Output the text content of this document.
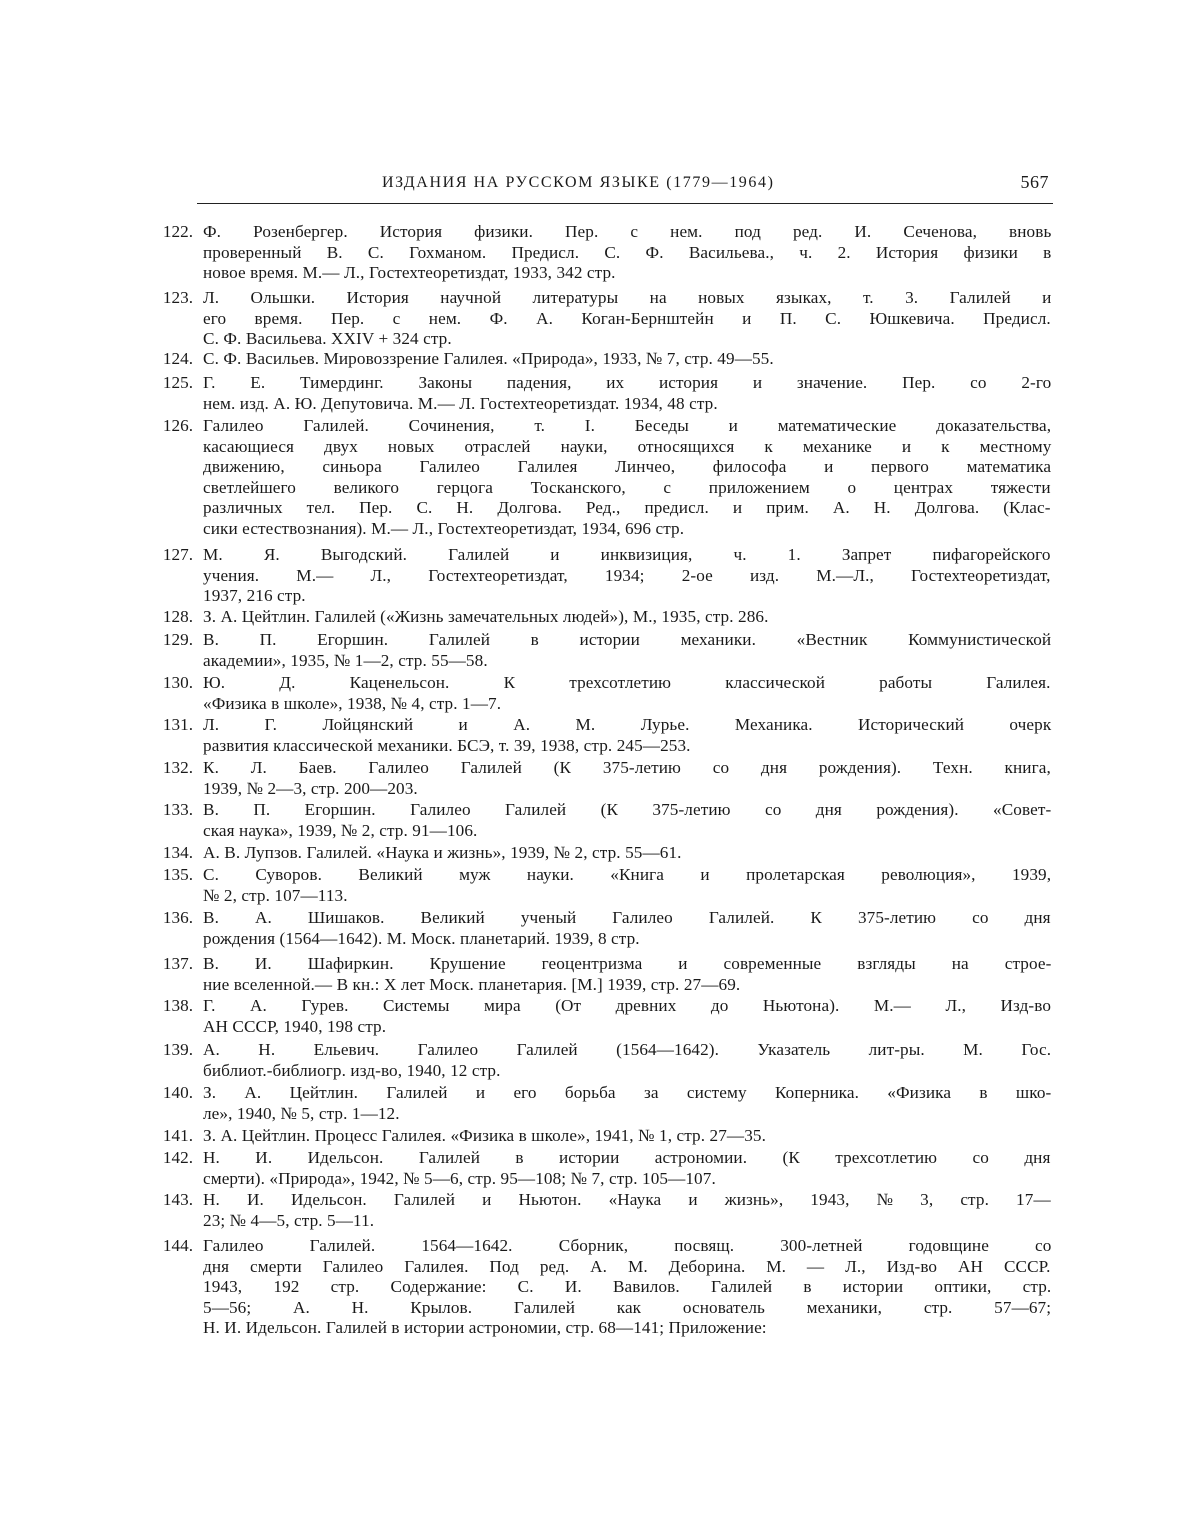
ИЗДАНИЯ НА РУССКОМ ЯЗЫКЕ (1779—1964)	567
122. Ф. Розенбергер. История физики. Пер. с нем. под ред. И. Сеченова, вновь
проверенный В. С. Гохманом. Предисл. С. Ф. Васильева., ч. 2. История физики в
новое время. М.— Л., Гостехтеоретиздат, 1933, 342 стр.
123. Л. Ольшки. История научной литературы на новых языках, т. 3. Галилей и
его время. Пер. с нем. Ф. А. Коган-Бернштейн и П. С. Юшкевича. Предисл.
С. Ф. Васильева. XXIV + 324 стр.
124. С. Ф. Васильев. Мировоззрение Галилея. «Природа», 1933, № 7, стр. 49—55.
125. Г. Е. Тимердинг. Законы падения, их история и значение. Пер. со 2-го
нем. изд. А. Ю. Депутовича. М.— Л. Гостехтеоретиздат. 1934, 48 стр.
126. Галилео Галилей. Сочинения, т. I. Беседы и математические доказательства,
касающиеся двух новых отраслей науки, относящихся к механике и к местному
движению, синьора Галилео Галилея Линчео, философа и первого математика
светлейшего великого герцога Тосканского, с приложением о центрах тяжести
различных тел. Пер. С. Н. Долгова. Ред., предисл. и прим. А. Н. Долгова. (Клас-
сики естествознания). М.— Л., Гостехтеоретиздат, 1934, 696 стр.
127. М. Я. Выгодский. Галилей и инквизиция, ч. 1. Запрет пифагорейского
учения. М.— Л., Гостехтеоретиздат, 1934; 2-ое изд. М.—Л., Гостехтеоретиздат,
1937, 216 стр.
128. З. А. Цейтлин. Галилей («Жизнь замечательных людей»), М., 1935, стр. 286.
129. В. П. Егоршин. Галилей в истории механики. «Вестник Коммунистической
академии», 1935, № 1—2, стр. 55—58.
130. Ю. Д. Каценельсон. К трехсотлетию классической работы Галилея.
«Физика в школе», 1938, № 4, стр. 1—7.
131. Л. Г. Лойцянский и А. М. Лурье. Механика. Исторический очерк
развития классической механики. БСЭ, т. 39, 1938, стр. 245—253.
132. К. Л. Баев. Галилео Галилей (К 375-летию со дня рождения). Техн. книга,
1939, № 2—3, стр. 200—203.
133. В. П. Егоршин. Галилео Галилей (К 375-летию со дня рождения). «Совет-
ская наука», 1939, № 2, стр. 91—106.
134. А. В. Лупзов. Галилей. «Наука и жизнь», 1939, № 2, стр. 55—61.
135. С. Суворов. Великий муж науки. «Книга и пролетарская революция», 1939,
№ 2, стр. 107—113.
136. В. А. Шишаков. Великий ученый Галилео Галилей. К 375-летию со дня
рождения (1564—1642). М. Моск. планетарий. 1939, 8 стр.
137. В. И. Шафиркин. Крушение геоцентризма и современные взгляды на строе-
ние вселенной.— В кн.: X лет Моск. планетария. [М.] 1939, стр. 27—69.
138. Г. А. Гурев. Системы мира (От древних до Ньютона). М.— Л., Изд-во
АН СССР, 1940, 198 стр.
139. А. Н. Ельевич. Галилео Галилей (1564—1642). Указатель лит-ры. М. Гос.
библиот.-библиогр. изд-во, 1940, 12 стр.
140. З. А. Цейтлин. Галилей и его борьба за систему Коперника. «Физика в шко-
ле», 1940, № 5, стр. 1—12.
141. З. А. Цейтлин. Процесс Галилея. «Физика в школе», 1941, № 1, стр. 27—35.
142. Н. И. Идельсон. Галилей в истории астрономии. (К трехсотлетию со дня
смерти). «Природа», 1942, № 5—6, стр. 95—108; № 7, стр. 105—107.
143. Н. И. Идельсон. Галилей и Ньютон. «Наука и жизнь», 1943, № 3, стр. 17—
23; № 4—5, стр. 5—11.
144. Галилео Галилей. 1564—1642. Сборник, посвящ. 300-летней годовщине со
дня смерти Галилео Галилея. Под ред. А. М. Деборина. М. — Л., Изд-во АН СССР.
1943, 192 стр. Содержание: С. И. Вавилов. Галилей в истории оптики, стр.
5—56; А. Н. Крылов. Галилей как основатель механики, стр. 57—67;
Н. И. Идельсон. Галилей в истории астрономии, стр. 68—141; Приложение:
